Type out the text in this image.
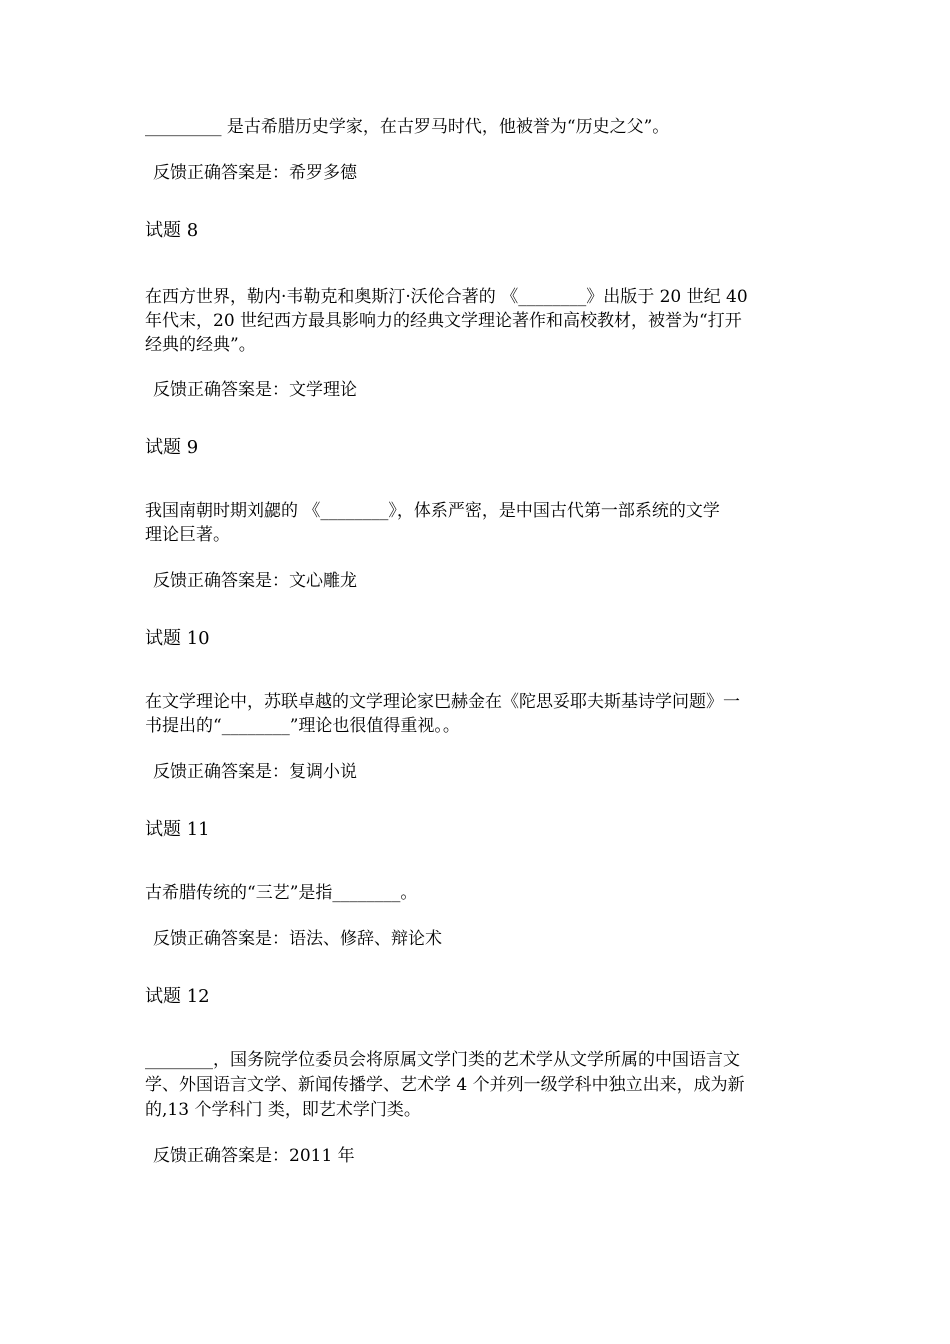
_________ 是古希腊历史学家，在古罗马时代，他被誉为“历史之父”。
反馈正确答案是：希罗多德
试题 8
在西方世界，勒内·韦勒克和奥斯汀·沃伦合著的 《________》出版于 20 世纪 40
年代末，20 世纪西方最具影响力的经典文学理论著作和高校教材，被誉为“打开
经典的经典”。
反馈正确答案是：文学理论
试题 9
我国南朝时期刘勰的 《________》，体系严密，是中国古代第一部系统的文学
理论巨著。
反馈正确答案是：文心雕龙
试题 10
在文学理论中，苏联卓越的文学理论家巴赫金在《陀思妥耶夫斯基诗学问题》一
书提出的“________”理论也很值得重视。。
反馈正确答案是：复调小说
试题 11
古希腊传统的“三艺”是指________。
反馈正确答案是：语法、修辞、辩论术
试题 12
________，国务院学位委员会将原属文学门类的艺术学从文学所属的中国语言文
学、外国语言文学、新闻传播学、艺术学 4 个并列一级学科中独立出来，成为新
的,13 个学科门 类，即艺术学门类。
反馈正确答案是：2011 年
